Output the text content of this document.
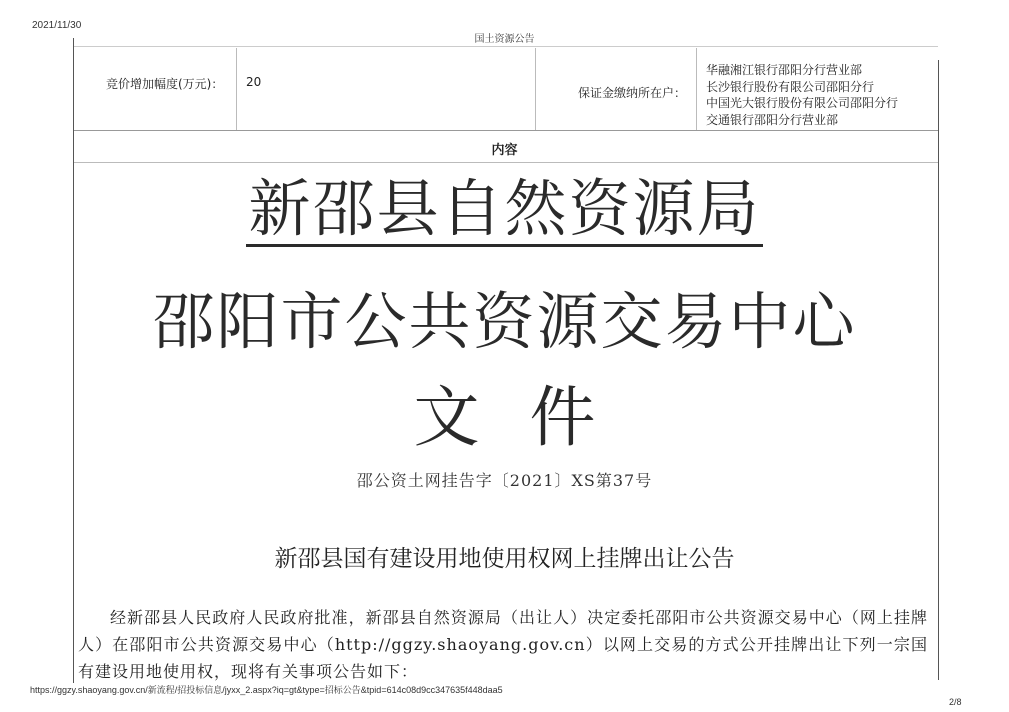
2021/11/30
国土资源公告
竞价增加幅度(万元)： 20
保证金缴纳所在户：
华融湘江银行邵阳分行营业部
长沙银行股份有限公司邵阳分行
中国光大银行股份有限公司邵阳分行
交通银行邵阳分行营业部
内容
新邵县自然资源局
邵阳市公共资源交易中心
文件
邵公资土网挂告字〔2021〕XS第37号
新邵县国有建设用地使用权网上挂牌出让公告
经新邵县人民政府人民政府批准，新邵县自然资源局（出让人）决定委托邵阳市公共资源交易中心（网上挂牌人）在邵阳市公共资源交易中心（http://ggzy.shaoyang.gov.cn）以网上交易的方式公开挂牌出让下列一宗国有建设用地使用权，现将有关事项公告如下：
https://ggzy.shaoyang.gov.cn/新流程/招投标信息/jyxx_2.aspx?iq=gt&type=招标公告&tpid=614c08d9cc347635f448daa5
2/8
